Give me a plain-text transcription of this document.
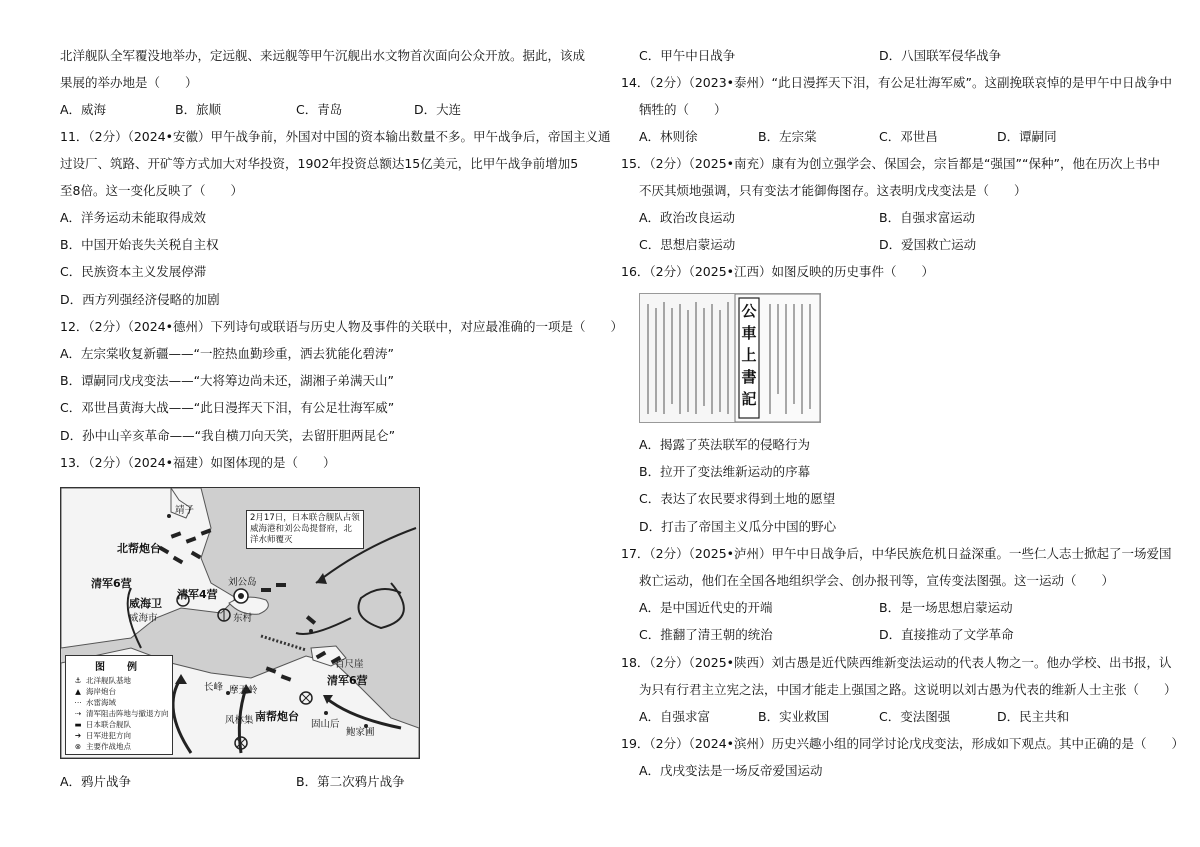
北洋舰队全军覆没地举办，定远舰、来远舰等甲午沉舰出水文物首次面向公众开放。据此，该成
果展的举办地是（　　）
A．威海	B．旅顺	C．青岛	D．大连
11．（2分）（2024•安徽）甲午战争前，外国对中国的资本输出数量不多。甲午战争后，帝国主义通
过设厂、筑路、开矿等方式加大对华投资，1902年投资总额达15亿美元，比甲午战争前增加5
至8倍。这一变化反映了（　　）
A．洋务运动未能取得成效
B．中国开始丧失关税自主权
C．民族资本主义发展停滞
D．西方列强经济侵略的加剧
12．（2分）（2024•德州）下列诗句或联语与历史人物及事件的关联中，对应最准确的一项是（　　）
A．左宗棠收复新疆——“一腔热血勤珍重，洒去犹能化碧涛”
B．谭嗣同戊戌变法——“大将筹边尚未还，湖湘子弟满天山”
C．邓世昌黄海大战——“此日漫挥天下泪，有公足壮海军威”
D．孙中山辛亥革命——“我自横刀向天笑，去留肝胆两昆仑”
13．（2分）（2024•福建）如图体现的是（　　）
靖子
北帮炮台
清军6营
威海卫
威海市
清军4营
刘公岛
东村
百尺崖
清军6营
长峰 摩天岭
南帮炮台
风林集	固山后
鲍家圃
2月17日，日本联合舰队占领威海港和刘公岛提督府，北洋水师覆灭
图　例
⚓ 北洋舰队基地
▲ 海岸炮台
⋯ 水雷海域
⇢ 清军阻击阵地与撤退方向
▬ 日本联合舰队
➔ 日军进犯方向
⊗ 主要作战地点
A．鸦片战争	B．第二次鸦片战争
C．甲午中日战争	D．八国联军侵华战争
14．（2分）（2023•泰州）“此日漫挥天下泪，有公足壮海军威”。这副挽联哀悼的是甲午中日战争中
牺牲的（　　）
A．林则徐	B．左宗棠	C．邓世昌	D．谭嗣同
15．（2分）（2025•南充）康有为创立强学会、保国会，宗旨都是“强国”“保种”，他在历次上书中
不厌其烦地强调，只有变法才能御侮图存。这表明戊戌变法是（　　）
A．政治改良运动	B．自强求富运动
C．思想启蒙运动	D．爱国救亡运动
16．（2分）（2025•江西）如图反映的历史事件（　　）
公車上書記
A．揭露了英法联军的侵略行为
B．拉开了变法维新运动的序幕
C．表达了农民要求得到土地的愿望
D．打击了帝国主义瓜分中国的野心
17．（2分）（2025•泸州）甲午中日战争后，中华民族危机日益深重。一些仁人志士掀起了一场爱国
救亡运动，他们在全国各地组织学会、创办报刊等，宣传变法图强。这一运动（　　）
A．是中国近代史的开端	B．是一场思想启蒙运动
C．推翻了清王朝的统治	D．直接推动了文学革命
18．（2分）（2025•陕西）刘古愚是近代陕西维新变法运动的代表人物之一。他办学校、出书报，认
为只有行君主立宪之法，中国才能走上强国之路。这说明以刘古愚为代表的维新人士主张（　　）
A．自强求富	B．实业救国	C．变法图强	D．民主共和
19．（2分）（2024•滨州）历史兴趣小组的同学讨论戊戌变法，形成如下观点。其中正确的是（　　）
A．戊戌变法是一场反帝爱国运动
